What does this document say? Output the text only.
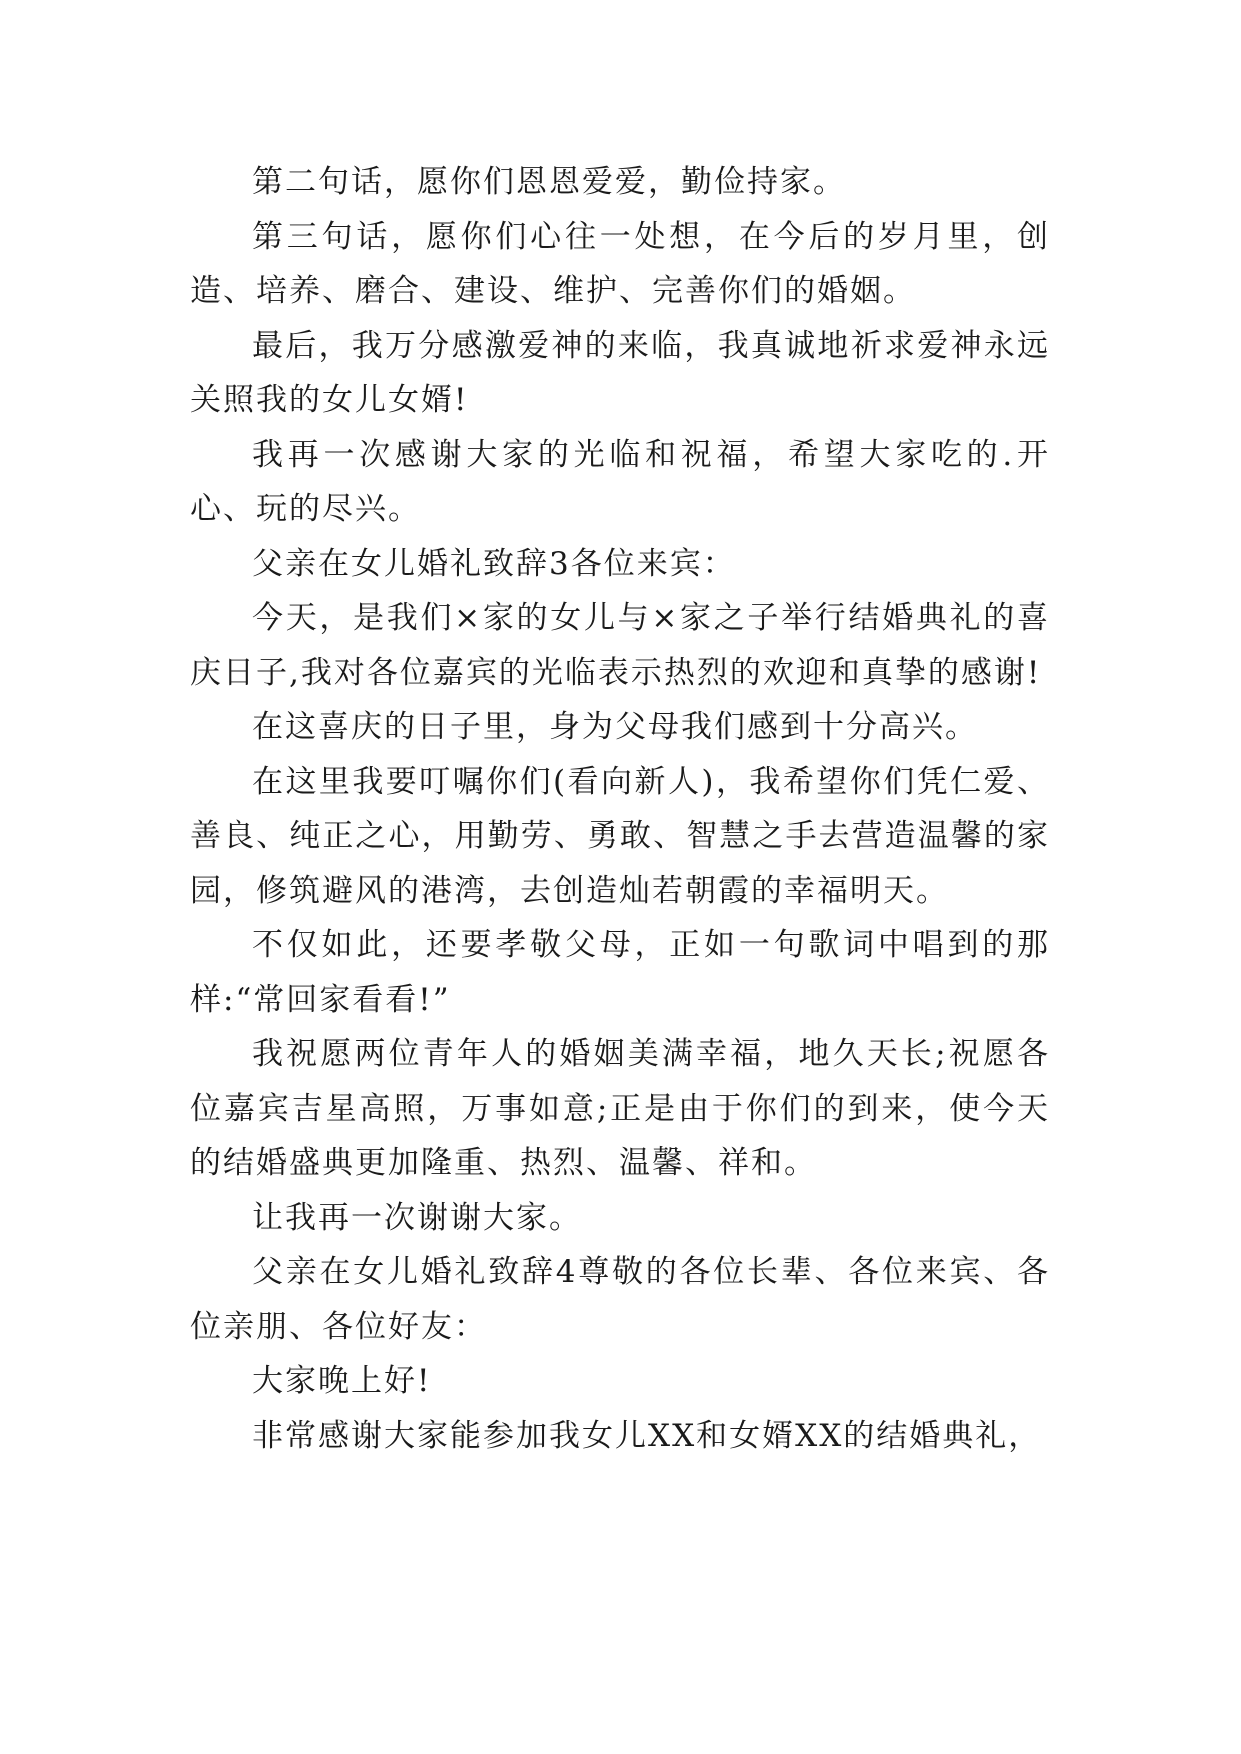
第二句话，愿你们恩恩爱爱，勤俭持家。

第三句话，愿你们心往一处想，在今后的岁月里，创造、培养、磨合、建设、维护、完善你们的婚姻。

最后，我万分感激爱神的来临，我真诚地祈求爱神永远关照我的女儿女婿!

我再一次感谢大家的光临和祝福，希望大家吃的.开心、玩的尽兴。

父亲在女儿婚礼致辞3各位来宾：

今天，是我们×家的女儿与×家之子举行结婚典礼的喜庆日子,我对各位嘉宾的光临表示热烈的欢迎和真挚的感谢!

在这喜庆的日子里，身为父母我们感到十分高兴。

在这里我要叮嘱你们(看向新人)，我希望你们凭仁爱、善良、纯正之心，用勤劳、勇敢、智慧之手去营造温馨的家园，修筑避风的港湾，去创造灿若朝霞的幸福明天。

不仅如此，还要孝敬父母，正如一句歌词中唱到的那样:“常回家看看!”

我祝愿两位青年人的婚姻美满幸福，地久天长;祝愿各位嘉宾吉星高照，万事如意;正是由于你们的到来，使今天的结婚盛典更加隆重、热烈、温馨、祥和。

让我再一次谢谢大家。

父亲在女儿婚礼致辞4尊敬的各位长辈、各位来宾、各位亲朋、各位好友：

大家晚上好!

非常感谢大家能参加我女儿XX和女婿XX的结婚典礼，
